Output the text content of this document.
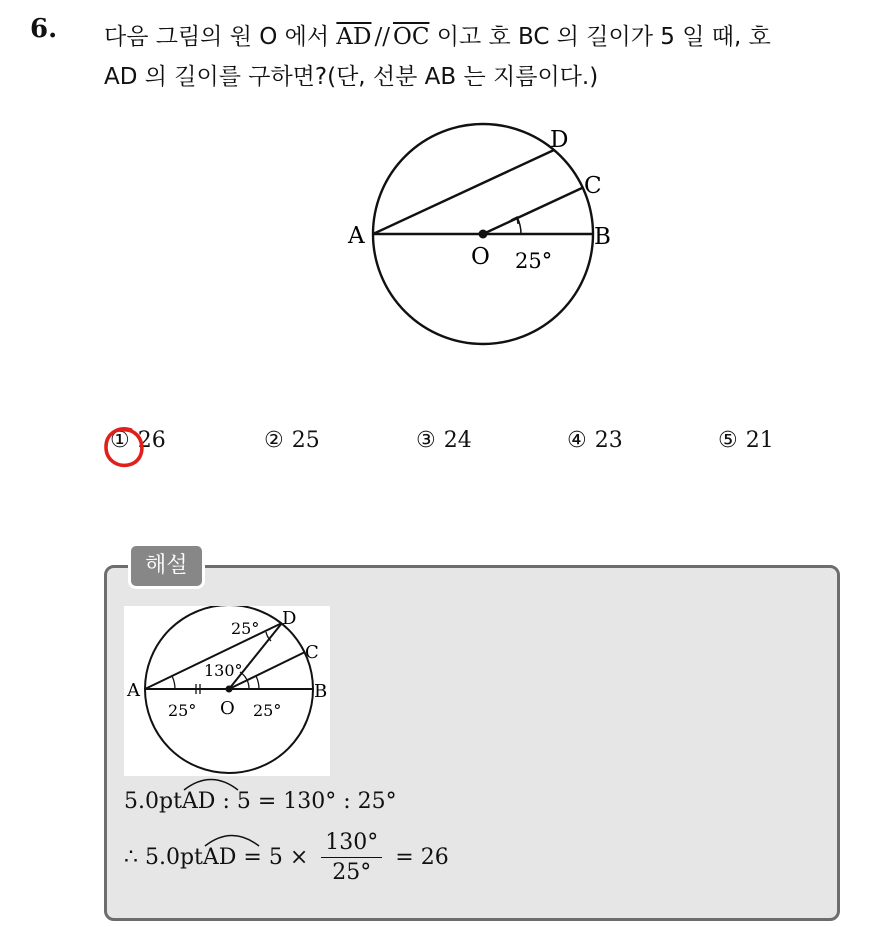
6. 다음 그림의 원 O 에서 $\overline{AD} // \overline{OC}$ 이고 호 BC 의 길이가 5 일 때, 호
AD 의 길이를 구하면?(단, 선분 AB 는 지름이다.)
A	B
C
D
O 25°
① 26	② 25	③ 24	④ 23	⑤ 21
해설
A	B
C
D
O
25°
130°
25°	25°
5.0pt
AD : 5 = 130° : 25°
∴ 5.0pt
AD = $5 \times \frac{130^\circ}{25^\circ} = 26$
